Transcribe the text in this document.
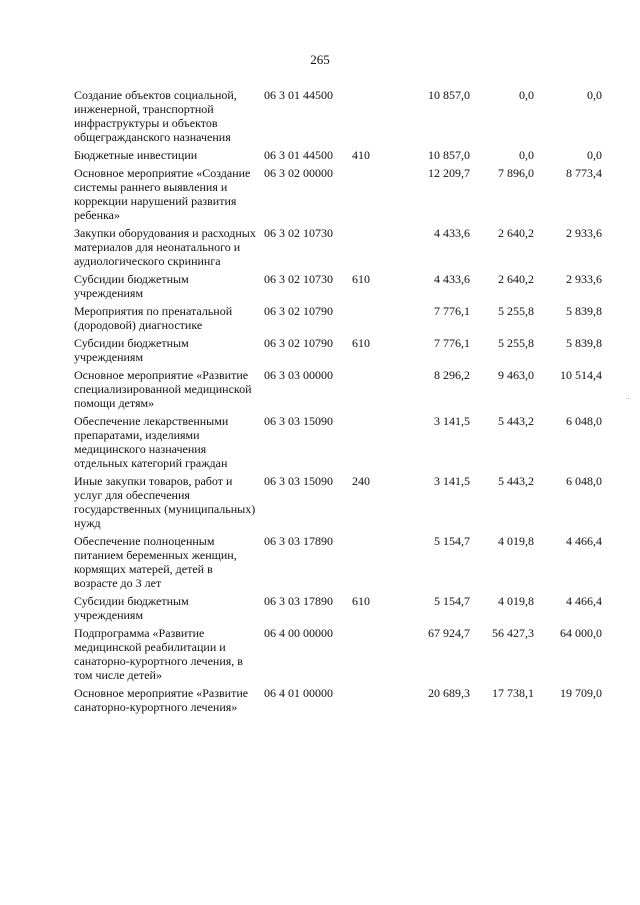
265
Создание объектов социальной, инженерной, транспортной инфраструктуры и объектов общегражданского назначения	06 3 01 44500		10 857,0	0,0	0,0
Бюджетные инвестиции	06 3 01 44500	410	10 857,0	0,0	0,0
Основное мероприятие «Создание системы раннего выявления и коррекции нарушений развития ребенка»	06 3 02 00000		12 209,7	7 896,0	8 773,4
Закупки оборудования и расходных материалов для неонатального и аудиологического скрининга	06 3 02 10730		4 433,6	2 640,2	2 933,6
Субсидии бюджетным учреждениям	06 3 02 10730	610	4 433,6	2 640,2	2 933,6
Мероприятия по пренатальной (дородовой) диагностике	06 3 02 10790		7 776,1	5 255,8	5 839,8
Субсидии бюджетным учреждениям	06 3 02 10790	610	7 776,1	5 255,8	5 839,8
Основное мероприятие «Развитие специализированной медицинской помощи детям»	06 3 03 00000		8 296,2	9 463,0	10 514,4
Обеспечение лекарственными препаратами, изделиями медицинского назначения отдельных категорий граждан	06 3 03 15090		3 141,5	5 443,2	6 048,0
Иные закупки товаров, работ и услуг для обеспечения государственных (муниципальных) нужд	06 3 03 15090	240	3 141,5	5 443,2	6 048,0
Обеспечение полноценным питанием беременных женщин, кормящих матерей, детей в возрасте до 3 лет	06 3 03 17890		5 154,7	4 019,8	4 466,4
Субсидии бюджетным учреждениям	06 3 03 17890	610	5 154,7	4 019,8	4 466,4
Подпрограмма «Развитие медицинской реабилитации и санаторно-курортного лечения, в том числе детей»	06 4 00 00000		67 924,7	56 427,3	64 000,0
Основное мероприятие «Развитие санаторно-курортного лечения»	06 4 01 00000		20 689,3	17 738,1	19 709,0
